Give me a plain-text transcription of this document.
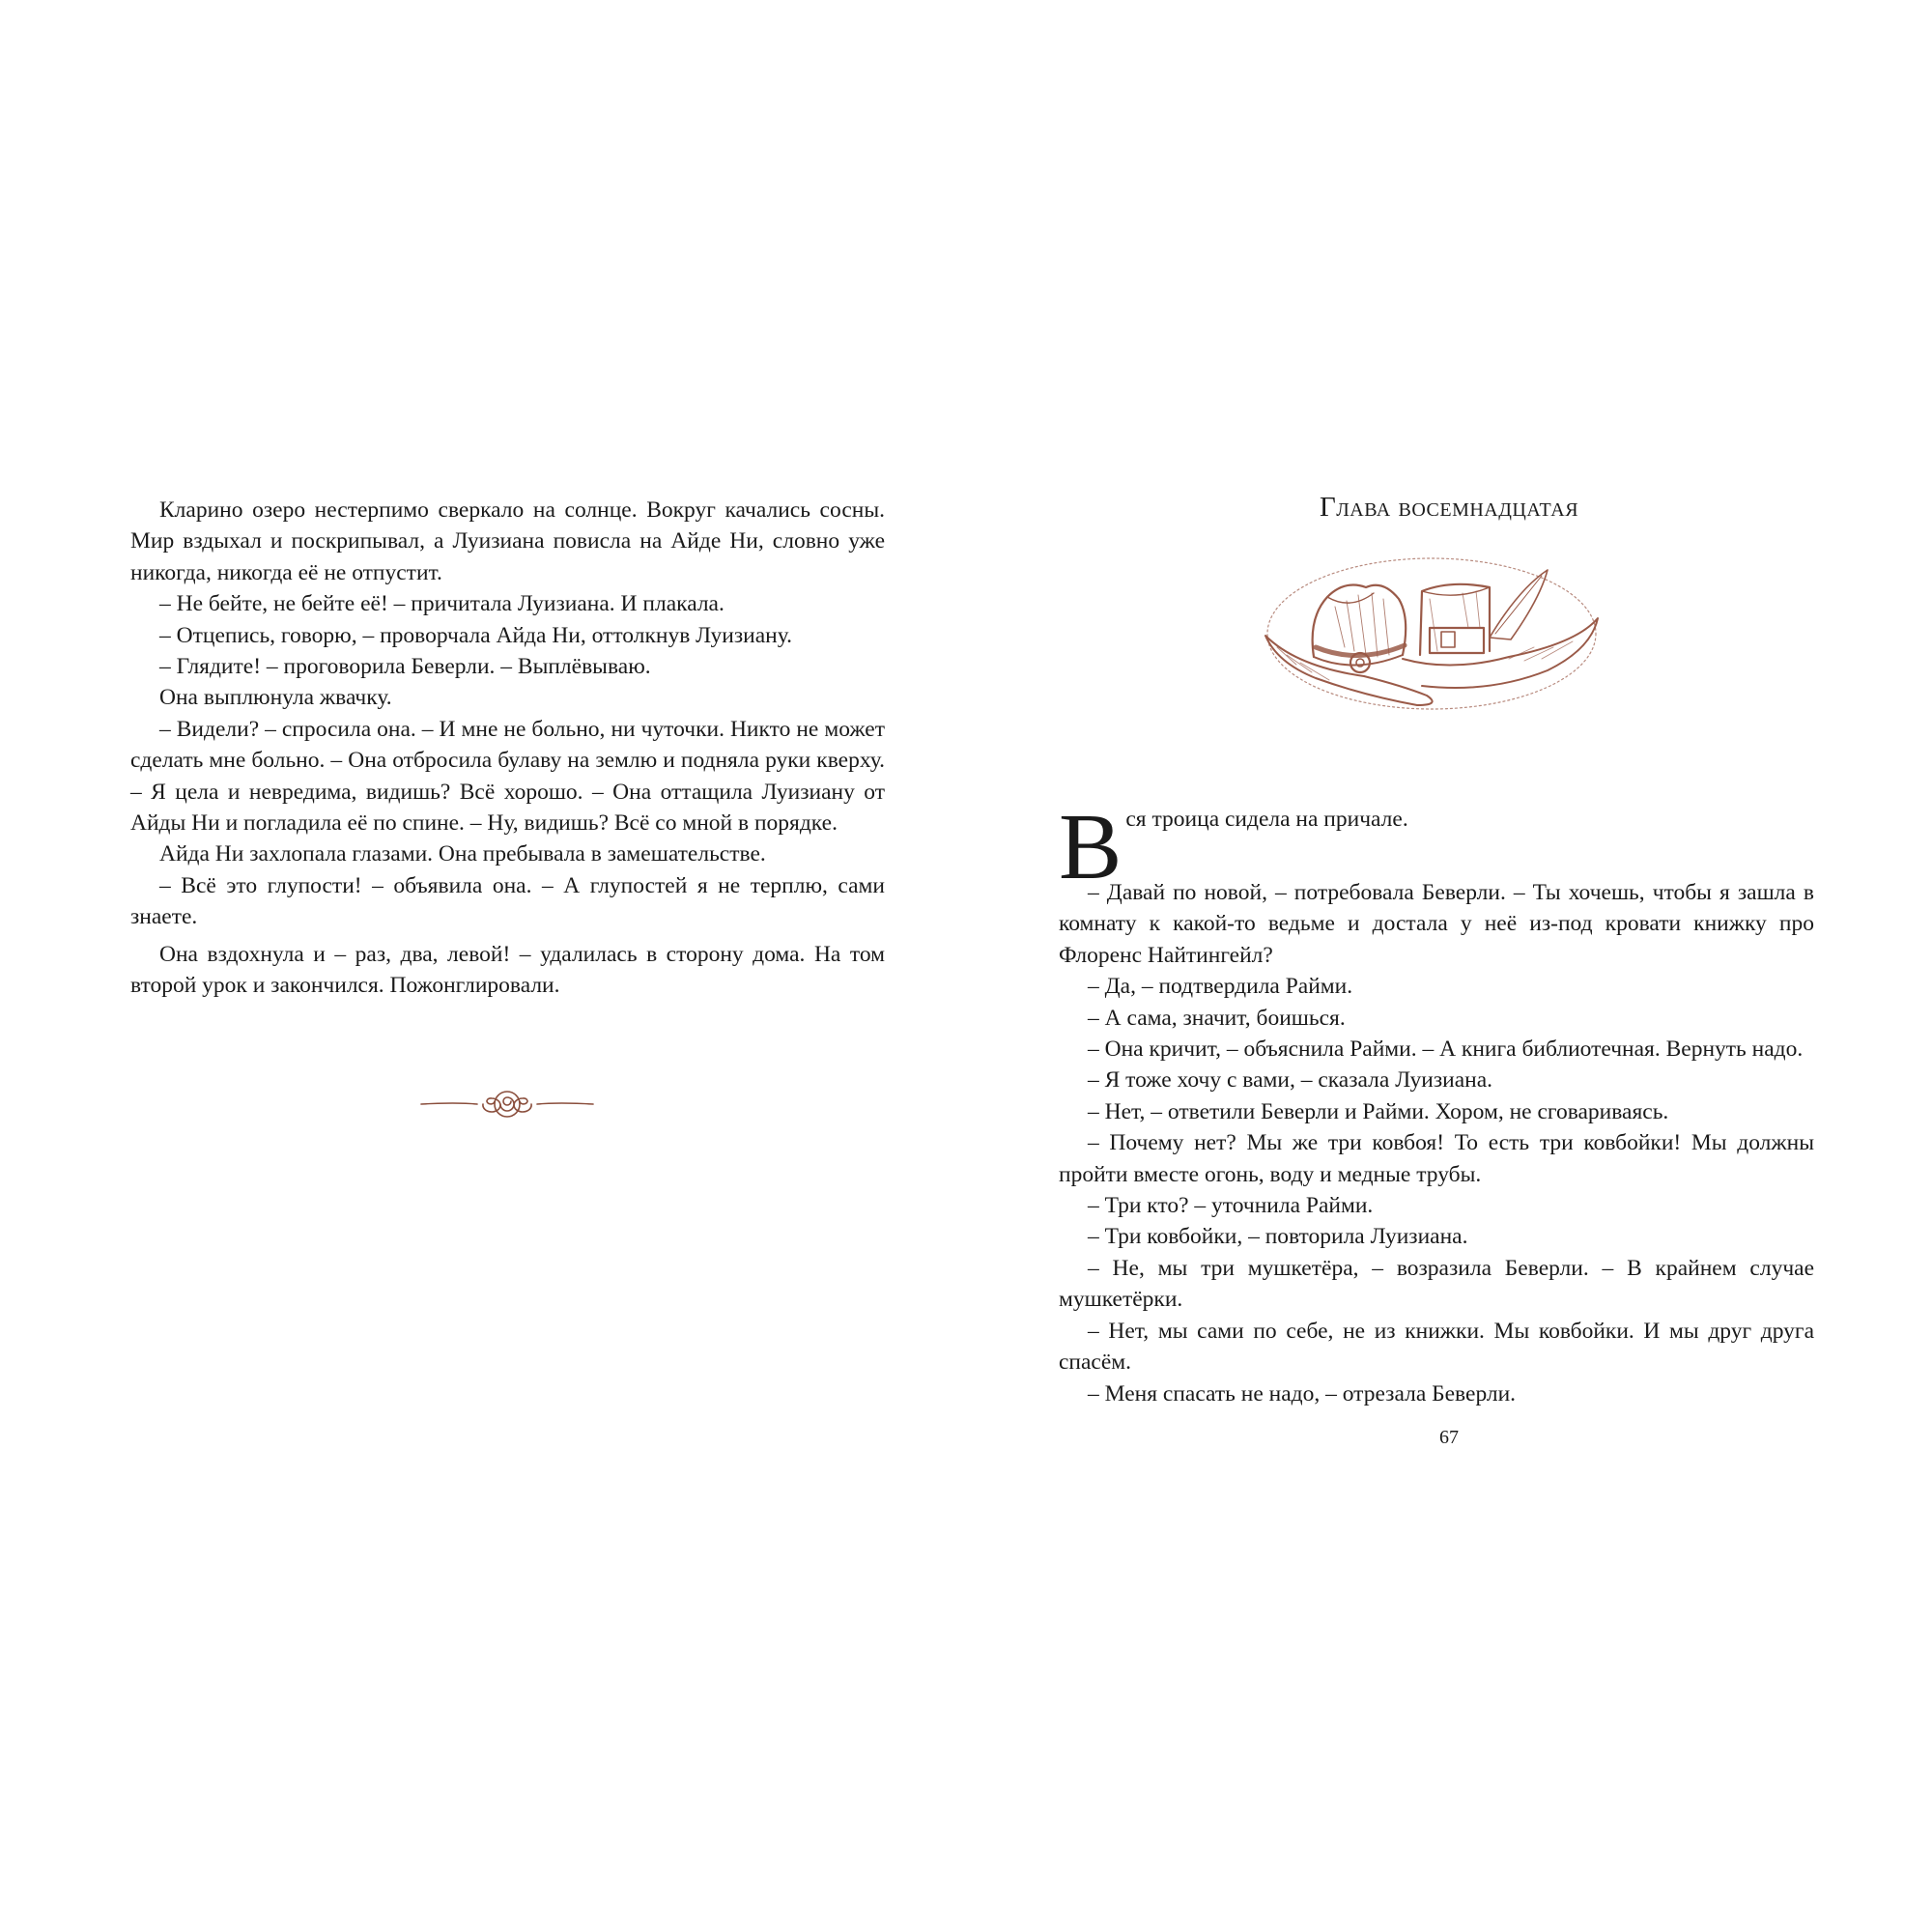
Кларино озеро нестерпимо сверкало на солнце. Вокруг качались сосны. Мир вздыхал и поскрипывал, а Луизиана повисла на Айде Ни, словно уже никогда, никогда её не отпустит.

– Не бейте, не бейте её! – причитала Луизиана. И плакала.

– Отцепись, говорю, – проворчала Айда Ни, оттолкнув Луизиану.

– Глядите! – проговорила Беверли. – Выплёвываю.

Она выплюнула жвачку.

– Видели? – спросила она. – И мне не больно, ни чуточки. Никто не может сделать мне больно. – Она отбросила булаву на землю и подняла руки кверху. – Я цела и невредима, видишь? Всё хорошо. – Она оттащила Луизиану от Айды Ни и погладила её по спине. – Ну, видишь? Всё со мной в порядке.

Айда Ни захлопала глазами. Она пребывала в замешательстве.

– Всё это глупости! – объявила она. – А глупостей я не терплю, сами знаете.

Она вздохнула и – раз, два, левой! – удалилась в сторону дома. На том второй урок и закончился. Пожонглировали.

Глава восемнадцатая

Вся троица сидела на причале.

– Давай по новой, – потребовала Беверли. – Ты хочешь, чтобы я зашла в комнату к какой-то ведьме и достала у неё из-под кровати книжку про Флоренс Найтингейл?

– Да, – подтвердила Райми.

– А сама, значит, боишься.

– Она кричит, – объяснила Райми. – А книга библиотечная. Вернуть надо.

– Я тоже хочу с вами, – сказала Луизиана.

– Нет, – ответили Беверли и Райми. Хором, не сговариваясь.

– Почему нет? Мы же три ковбоя! То есть три ковбойки! Мы должны пройти вместе огонь, воду и медные трубы.

– Три кто? – уточнила Райми.

– Три ковбойки, – повторила Луизиана.

– Не, мы три мушкетёра, – возразила Беверли. – В крайнем случае мушкетёрки.

– Нет, мы сами по себе, не из книжки. Мы ковбойки. И мы друг друга спасём.

– Меня спасать не надо, – отрезала Беверли.

67
